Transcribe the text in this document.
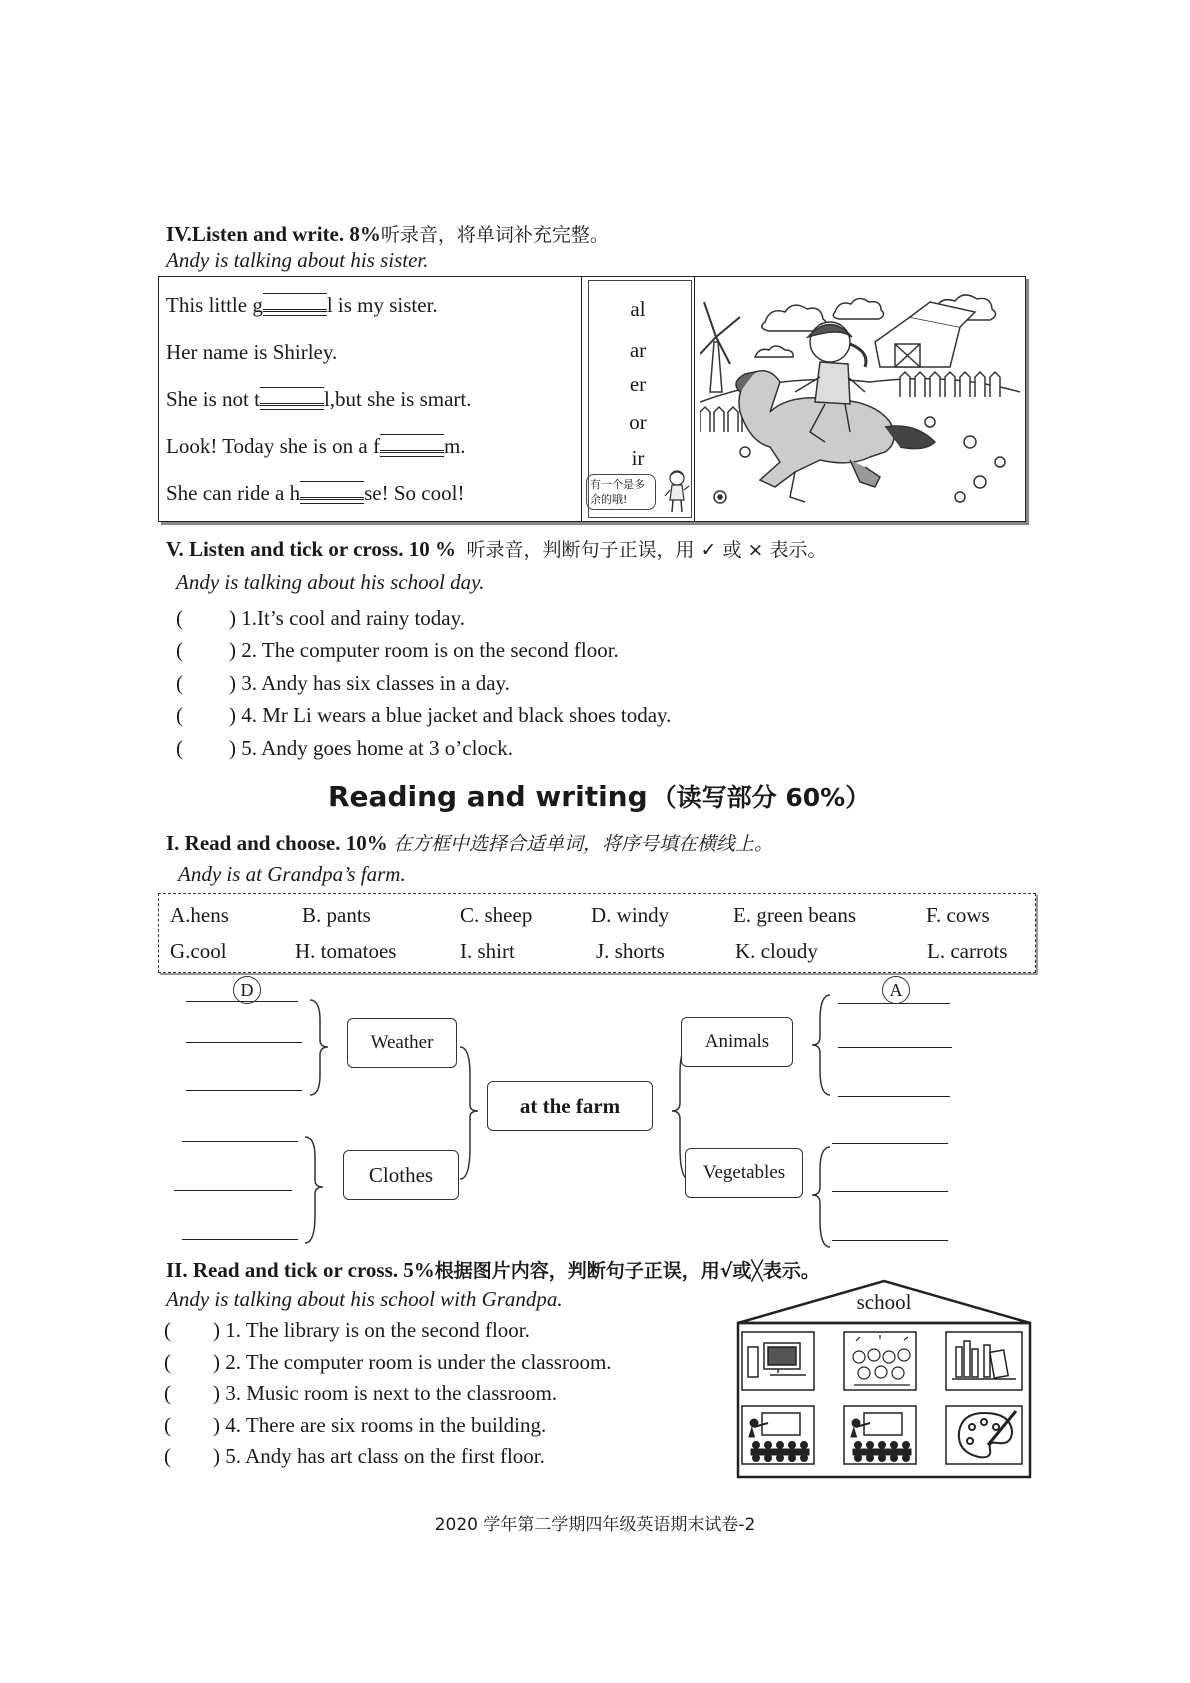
IV.Listen and write. 8%听录音，将单词补充完整。
Andy is talking about his sister.
This little g	l is my sister.
Her name is Shirley.
She is not t	l,but she is smart.
Look! Today she is on a f	m.
She can ride a h	se! So cool!
al
ar
er
or
ir
有一个是多余的哦!
V. Listen and tick or cross. 10 % 听录音，判断句子正误，用 ✓ 或 × 表示。
Andy is talking about his school day.
( ) 1.It’s cool and rainy today.
( ) 2. The computer room is on the second floor.
( ) 3. Andy has six classes in a day.
( ) 4. Mr Li wears a blue jacket and black shoes today.
( ) 5. Andy goes home at 3 o’clock.
Reading and writing （读写部分 60%）
I. Read and choose. 10% 在方框中选择合适单词，将序号填在横线上。
Andy is at Grandpa’s farm.
A.hens	B. pants	C. sheep	D. windy	E. green beans	F. cows
G.cool	H. tomatoes	I. shirt	J. shorts	K. cloudy	L. carrots
D	A
Weather
Clothes
at the farm
Animals
Vegetables
II. Read and tick or cross. 5%根据图片内容，判断句子正误，用√或╳表示。
Andy is talking about his school with Grandpa.
( ) 1. The library is on the second floor.
( ) 2. The computer room is under the classroom.
( ) 3. Music room is next to the classroom.
( ) 4. There are six rooms in the building.
( ) 5. Andy has art class on the first floor.
school
2020 学年第二学期四年级英语期末试卷-2
